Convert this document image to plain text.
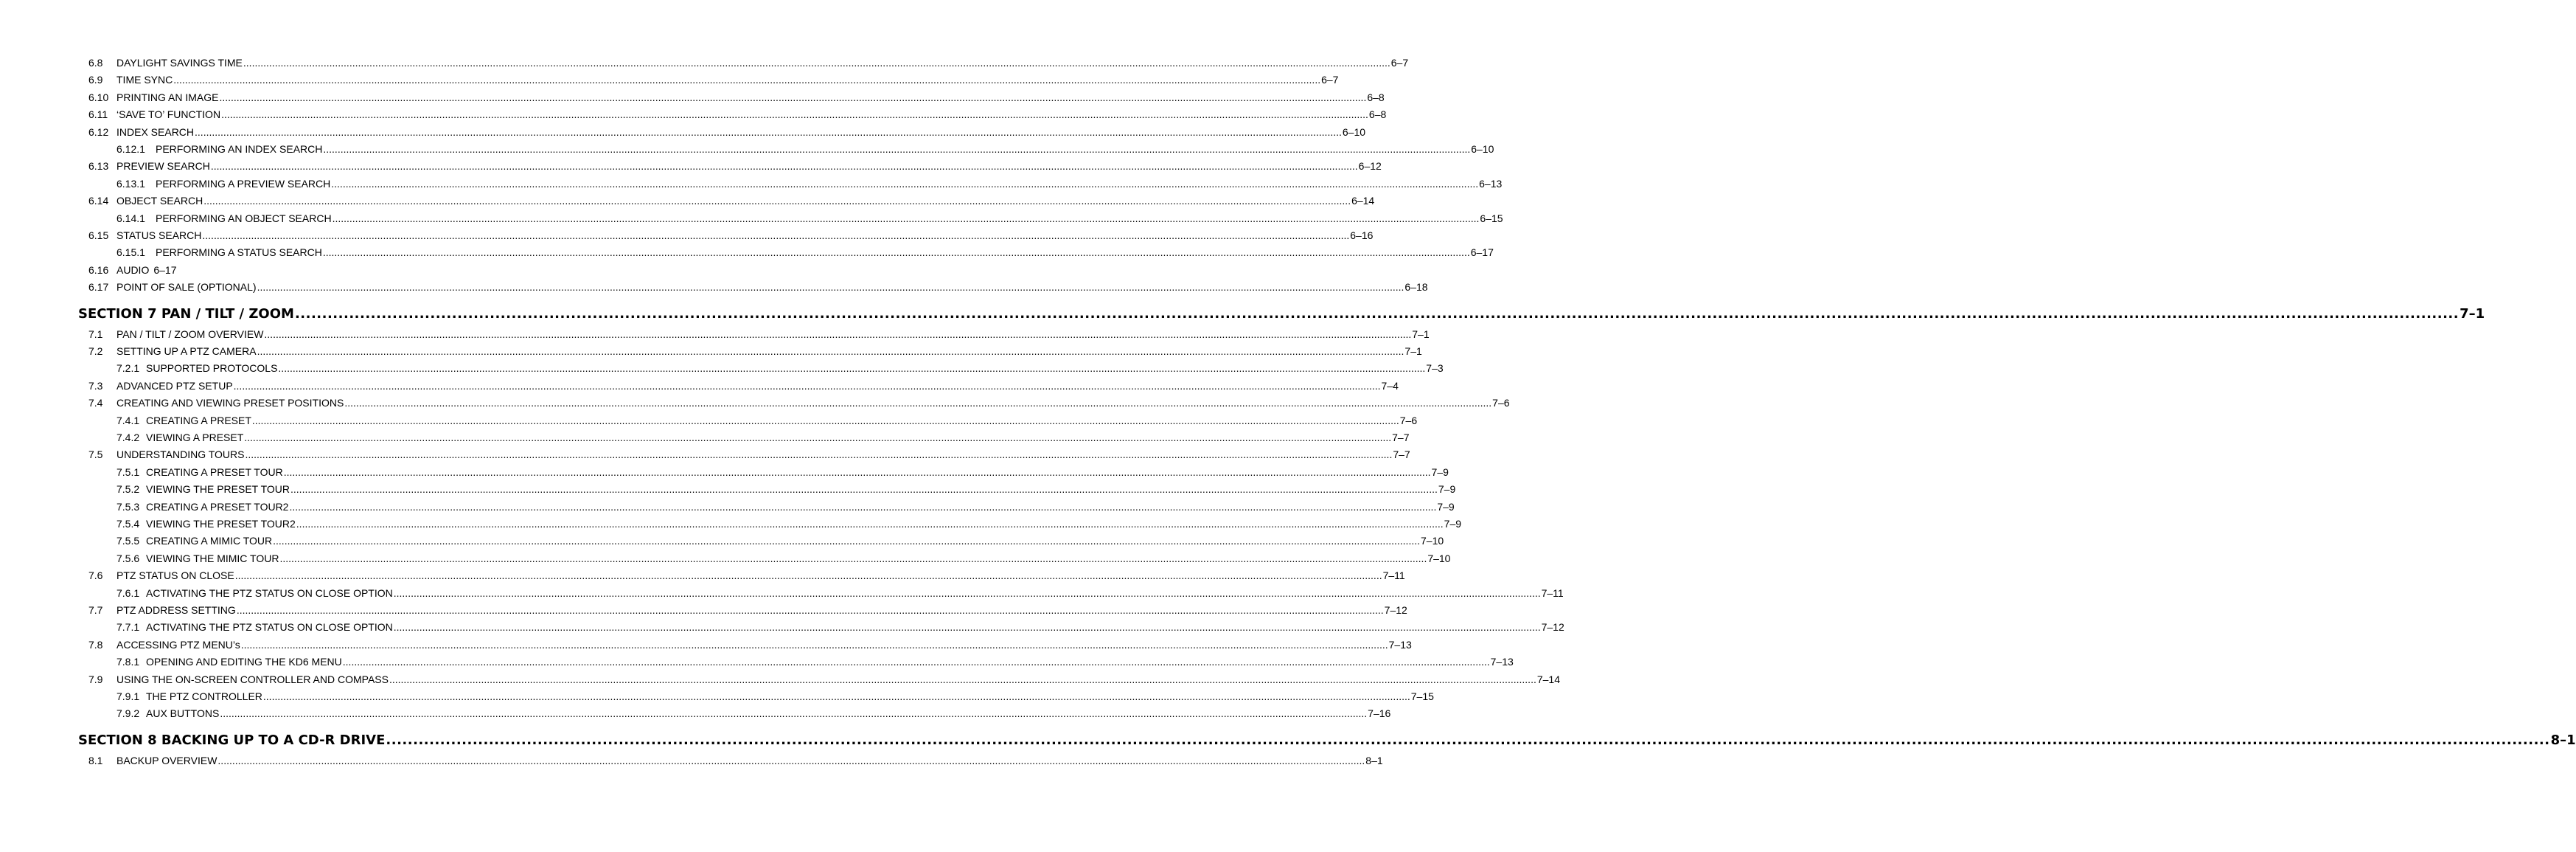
6.8 DAYLIGHT SAVINGS TIME ................................................................................................................................................................................................................................................................................................................................................................................................................ 6–7
6.9 TIME SYNC ................................................................................................................................................................................................................................................................................................................................................................................................................ 6–7
6.10 PRINTING AN IMAGE ................................................................................................................................................................................................................................................................................................................................................................................................................ 6–8
6.11 ‘SAVE TO’ FUNCTION ................................................................................................................................................................................................................................................................................................................................................................................................................ 6–8
6.12 INDEX SEARCH ................................................................................................................................................................................................................................................................................................................................................................................................................ 6–10
6.12.1 PERFORMING AN INDEX SEARCH ................................................................................................................................................................................................................................................................................................................................................................................................................ 6–10
6.13 PREVIEW SEARCH ................................................................................................................................................................................................................................................................................................................................................................................................................ 6–12
6.13.1 PERFORMING A PREVIEW SEARCH ................................................................................................................................................................................................................................................................................................................................................................................................................ 6–13
6.14 OBJECT SEARCH ................................................................................................................................................................................................................................................................................................................................................................................................................ 6–14
6.14.1 PERFORMING AN OBJECT SEARCH ................................................................................................................................................................................................................................................................................................................................................................................................................ 6–15
6.15 STATUS SEARCH ................................................................................................................................................................................................................................................................................................................................................................................................................ 6–16
6.15.1 PERFORMING A STATUS SEARCH ................................................................................................................................................................................................................................................................................................................................................................................................................ 6–17
6.16 AUDIO 6–17
6.17 POINT OF SALE (OPTIONAL) ................................................................................................................................................................................................................................................................................................................................................................................................................ 6–18
SECTION 7 PAN / TILT / ZOOM ................................................................................................................................................................................................................................................................................................................................................................................................................ 7–1
7.1 PAN / TILT / ZOOM OVERVIEW ................................................................................................................................................................................................................................................................................................................................................................................................................ 7–1
7.2 SETTING UP A PTZ CAMERA ................................................................................................................................................................................................................................................................................................................................................................................................................ 7–1
7.2.1 SUPPORTED PROTOCOLS ................................................................................................................................................................................................................................................................................................................................................................................................................ 7–3
7.3 ADVANCED PTZ SETUP ................................................................................................................................................................................................................................................................................................................................................................................................................ 7–4
7.4 CREATING AND VIEWING PRESET POSITIONS ................................................................................................................................................................................................................................................................................................................................................................................................................ 7–6
7.4.1 CREATING A PRESET ................................................................................................................................................................................................................................................................................................................................................................................................................ 7–6
7.4.2 VIEWING A PRESET ................................................................................................................................................................................................................................................................................................................................................................................................................ 7–7
7.5 UNDERSTANDING TOURS ................................................................................................................................................................................................................................................................................................................................................................................................................ 7–7
7.5.1 CREATING A PRESET TOUR ................................................................................................................................................................................................................................................................................................................................................................................................................ 7–9
7.5.2 VIEWING THE PRESET TOUR ................................................................................................................................................................................................................................................................................................................................................................................................................ 7–9
7.5.3 CREATING A PRESET TOUR2 ................................................................................................................................................................................................................................................................................................................................................................................................................ 7–9
7.5.4 VIEWING THE PRESET TOUR2 ................................................................................................................................................................................................................................................................................................................................................................................................................ 7–9
7.5.5 CREATING A MIMIC TOUR ................................................................................................................................................................................................................................................................................................................................................................................................................ 7–10
7.5.6 VIEWING THE MIMIC TOUR ................................................................................................................................................................................................................................................................................................................................................................................................................ 7–10
7.6 PTZ STATUS ON CLOSE ................................................................................................................................................................................................................................................................................................................................................................................................................ 7–11
7.6.1 ACTIVATING THE PTZ STATUS ON CLOSE OPTION ................................................................................................................................................................................................................................................................................................................................................................................................................ 7–11
7.7 PTZ ADDRESS SETTING ................................................................................................................................................................................................................................................................................................................................................................................................................ 7–12
7.7.1 ACTIVATING THE PTZ STATUS ON CLOSE OPTION ................................................................................................................................................................................................................................................................................................................................................................................................................ 7–12
7.8 ACCESSING PTZ MENU’s ................................................................................................................................................................................................................................................................................................................................................................................................................ 7–13
7.8.1 OPENING AND EDITING THE KD6 MENU ................................................................................................................................................................................................................................................................................................................................................................................................................ 7–13
7.9 USING THE ON-SCREEN CONTROLLER AND COMPASS ................................................................................................................................................................................................................................................................................................................................................................................................................ 7–14
7.9.1 THE PTZ CONTROLLER ................................................................................................................................................................................................................................................................................................................................................................................................................ 7–15
7.9.2 AUX BUTTONS ................................................................................................................................................................................................................................................................................................................................................................................................................ 7–16
SECTION 8 BACKING UP TO A CD-R DRIVE ................................................................................................................................................................................................................................................................................................................................................................................................................ 8–1
8.1 BACKUP OVERVIEW ................................................................................................................................................................................................................................................................................................................................................................................................................ 8–1
